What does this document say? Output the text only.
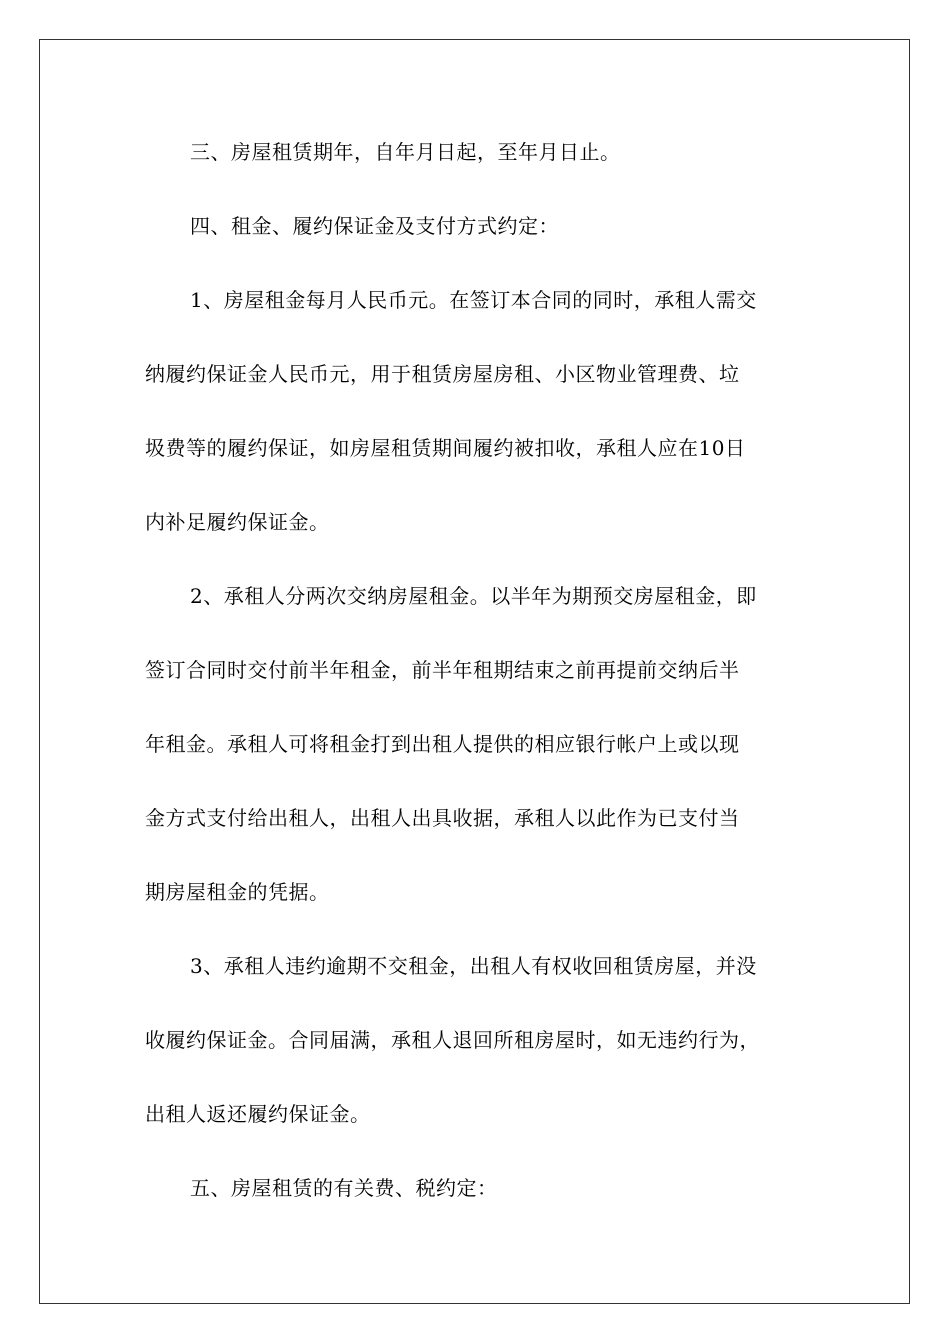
三、房屋租赁期年，自年月日起，至年月日止。
四、租金、履约保证金及支付方式约定：
1、房屋租金每月人民币元。在签订本合同的同时，承租人需交
纳履约保证金人民币元，用于租赁房屋房租、小区物业管理费、垃
圾费等的履约保证，如房屋租赁期间履约被扣收，承租人应在10日
内补足履约保证金。
2、承租人分两次交纳房屋租金。以半年为期预交房屋租金，即
签订合同时交付前半年租金，前半年租期结束之前再提前交纳后半
年租金。承租人可将租金打到出租人提供的相应银行帐户上或以现
金方式支付给出租人，出租人出具收据，承租人以此作为已支付当
期房屋租金的凭据。
3、承租人违约逾期不交租金，出租人有权收回租赁房屋，并没
收履约保证金。合同届满，承租人退回所租房屋时，如无违约行为，
出租人返还履约保证金。
五、房屋租赁的有关费、税约定：
